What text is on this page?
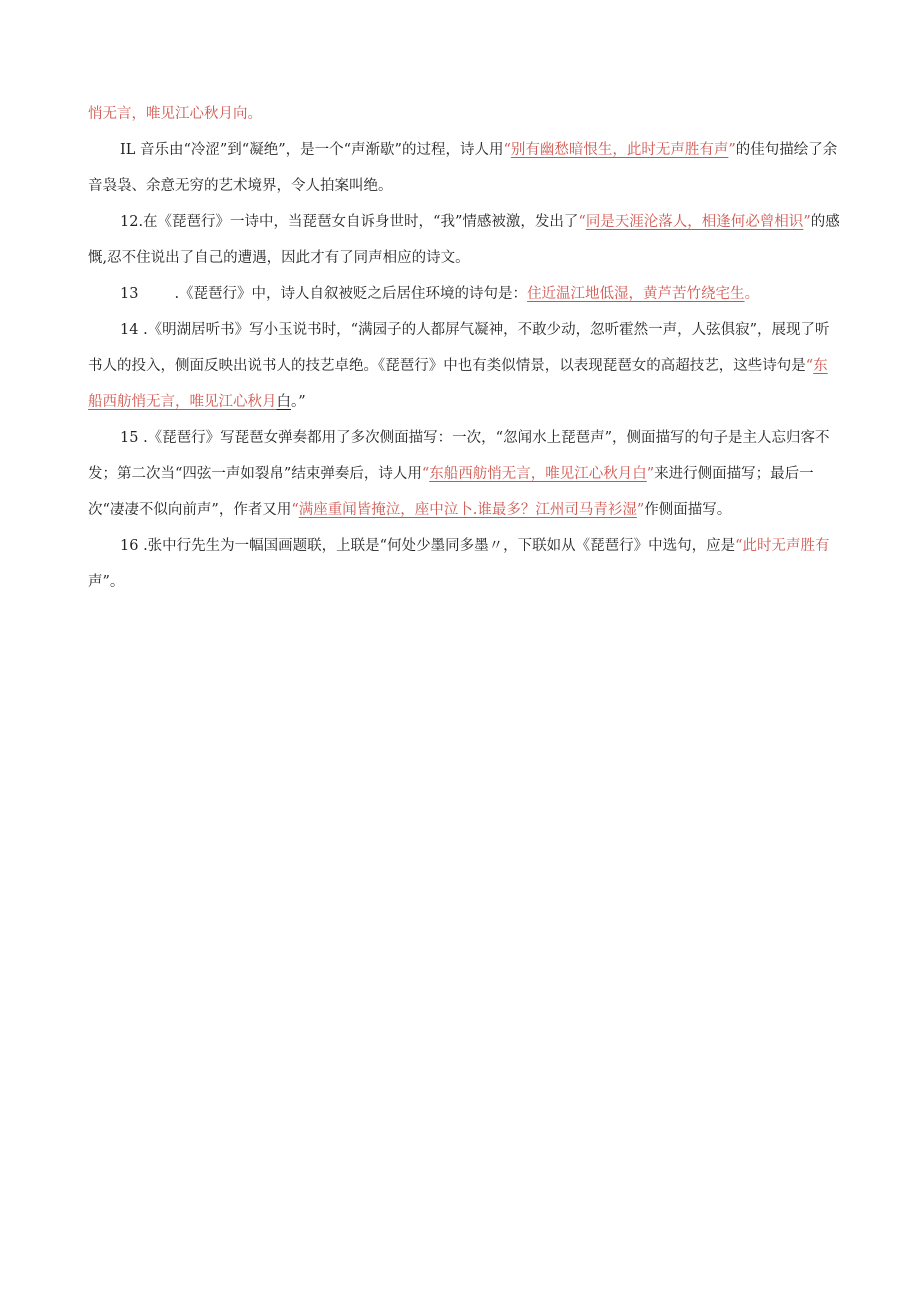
悄无言，唯见江心秋月向。

IL 音乐由“冷涩”到“凝绝”，是一个“声渐歇”的过程，诗人用“别有幽愁暗恨生，此时无声胜有声”的佳句描绘了余音袅袅、余意无穷的艺术境界，令人拍案叫绝。

12.在《琵琶行》一诗中，当琵琶女自诉身世时，“我”情感被激，发出了“同是天涯沦落人，相逢何必曾相识”的感慨,忍不住说出了自己的遭遇，因此才有了同声相应的诗文。

13 .《琵琶行》中，诗人自叙被贬之后居住环境的诗句是：住近温江地低湿，黄芦苦竹绕宅生。

14 .《明湖居听书》写小玉说书时，“满园子的人都屏气凝神，不敢少动，忽听霍然一声，人弦俱寂”，展现了听书人的投入，侧面反映出说书人的技艺卓绝。《琵琶行》中也有类似情景，以表现琵琶女的高超技艺，这些诗句是“东船西舫悄无言，唯见江心秋月白。”

15 .《琵琶行》写琵琶女弹奏都用了多次侧面描写：一次，“忽闻水上琵琶声”，侧面描写的句子是主人忘归客不发；第二次当“四弦一声如裂帛”结束弹奏后，诗人用“东船西舫悄无言，唯见江心秋月白”来进行侧面描写；最后一次“凄凄不似向前声”，作者又用“满座重闻皆掩泣，座中泣卜.谁最多？江州司马青衫湿”作侧面描写。

16 .张中行先生为一幅国画题联，上联是“何处少墨同多墨〃，下联如从《琵琶行》中选句，应是“此时无声胜有声”。
